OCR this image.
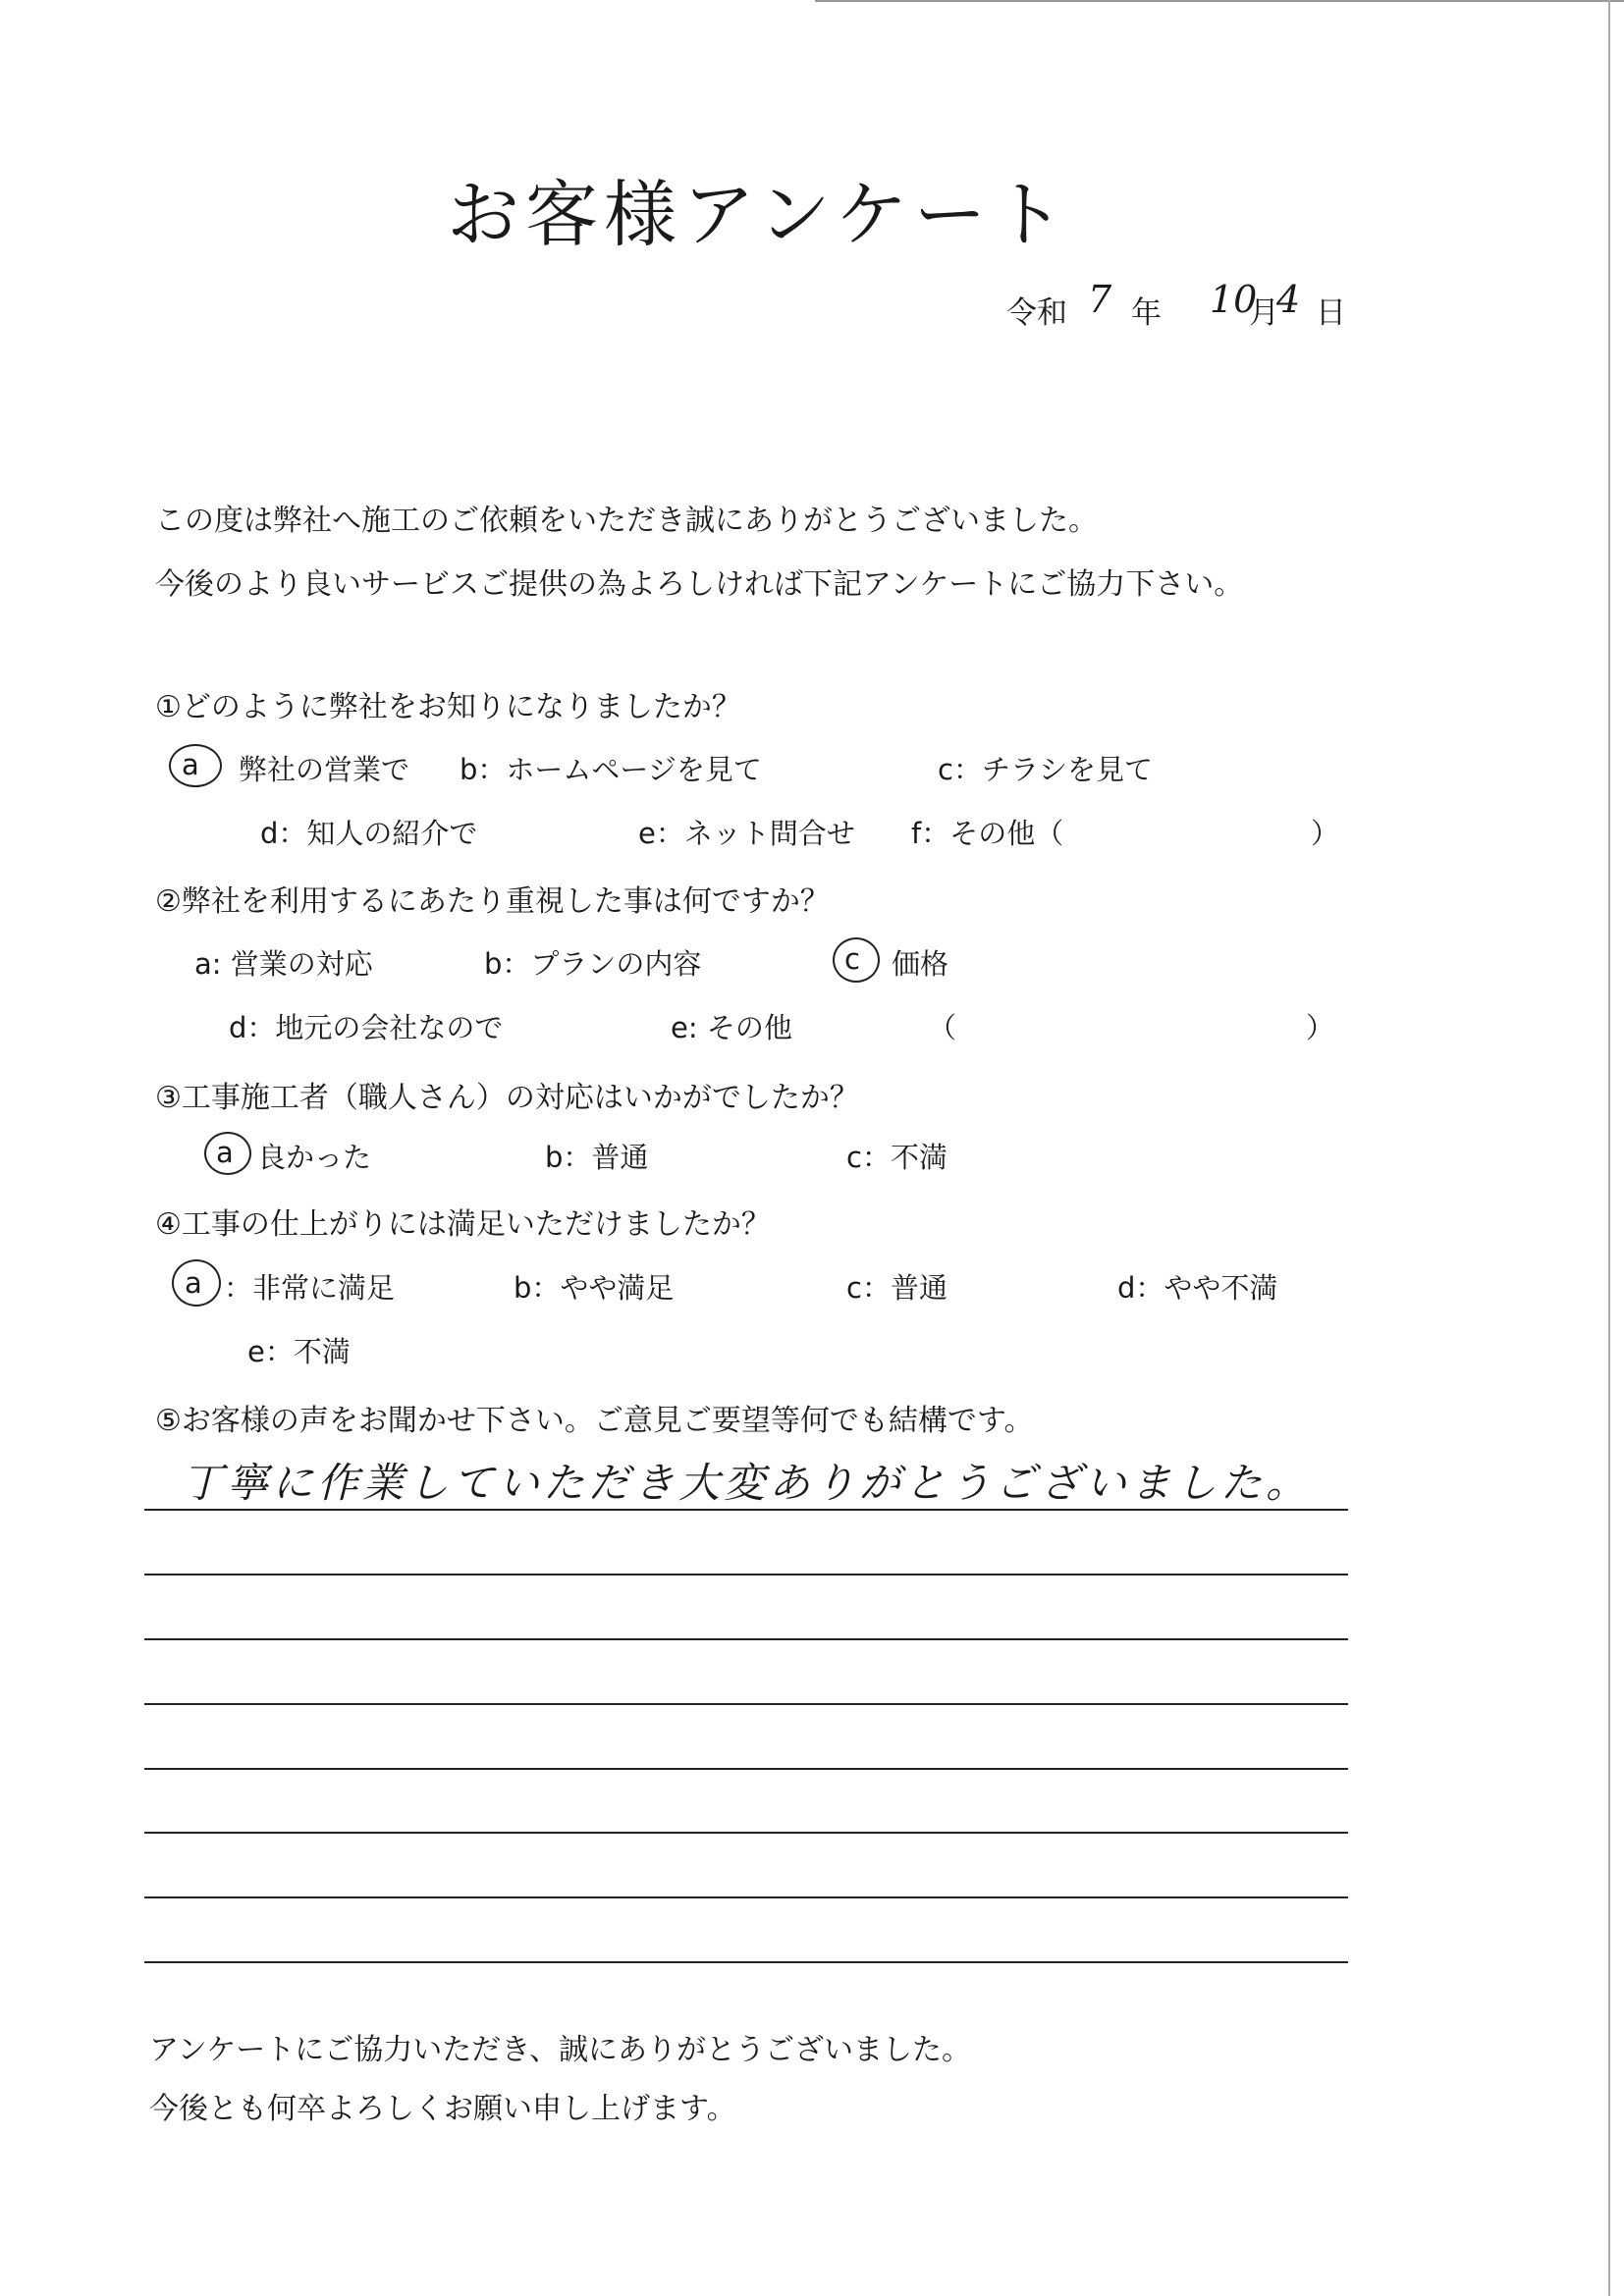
お客様アンケート
令和 7 年 10
月
4 日
この度は弊社へ施工のご依頼をいただき誠にありがとうございました。
今後のより良いサービスご提供の為よろしければ下記アンケートにご協力下さい。
①どのように弊社をお知りになりましたか？
a 弊社の営業で b：ホームページを見て	c：チラシを見て
d：知人の紹介で	e：ネット問合せ f：その他（	）
②弊社を利用するにあたり重視した事は何ですか？
a: 営業の対応	b：プランの内容	c 価格
d：地元の会社なので	e: その他	（	）
③工事施工者（職人さん）の対応はいかがでしたか？
a 良かった	b：普通	c：不満
④工事の仕上がりには満足いただけましたか？
a ：非常に満足	b：やや満足	c：普通	d：やや不満
e：不満
⑤お客様の声をお聞かせ下さい。ご意見ご要望等何でも結構です。
丁寧に作業していただき大変ありがとうございました。
アンケートにご協力いただき、誠にありがとうございました。
今後とも何卒よろしくお願い申し上げます。
